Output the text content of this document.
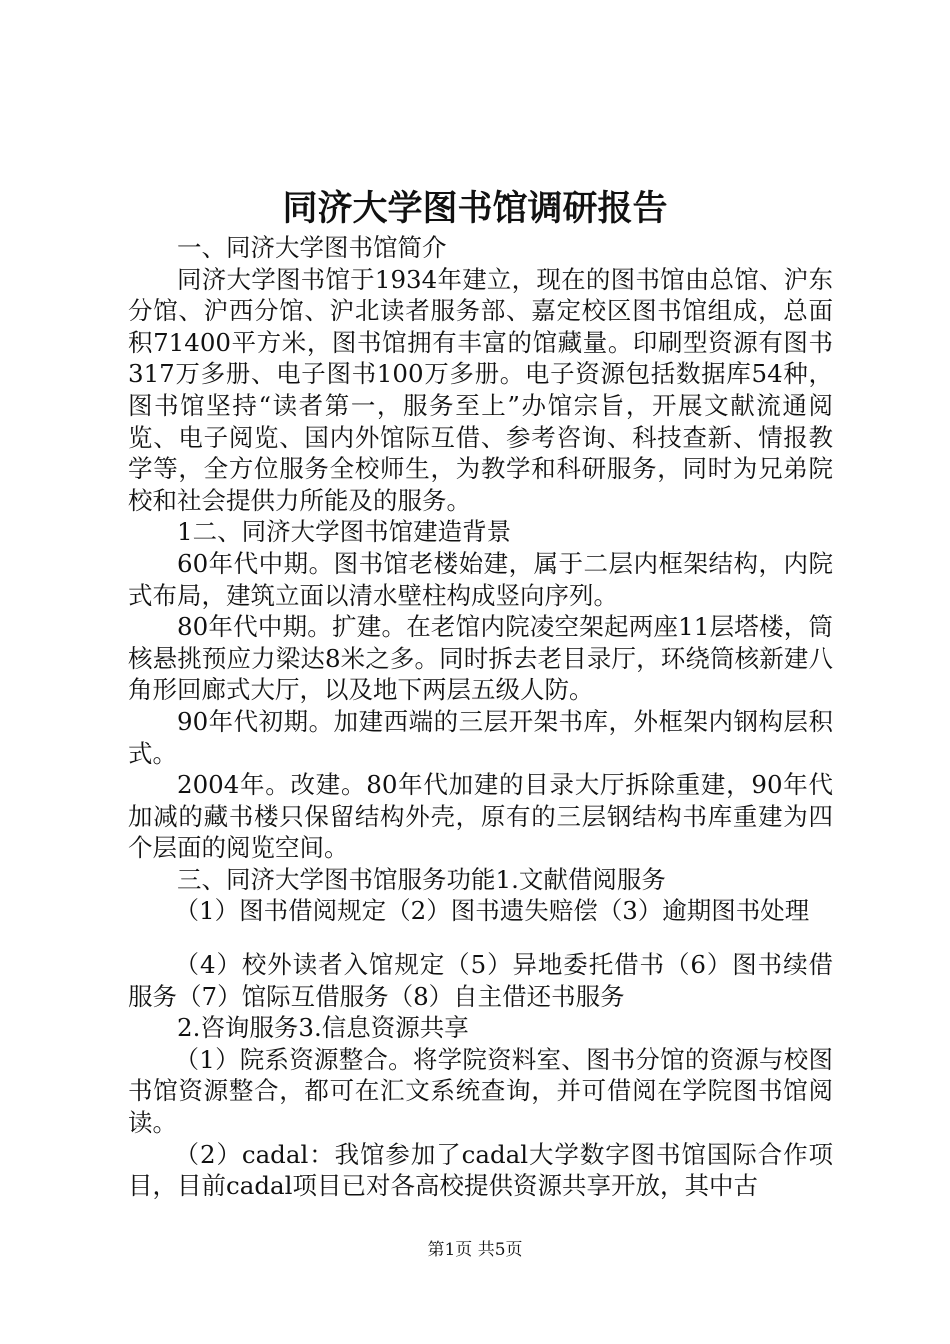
同济大学图书馆调研报告

一、同济大学图书馆简介

同济大学图书馆于1934年建立，现在的图书馆由总馆、沪东分馆、沪西分馆、沪北读者服务部、嘉定校区图书馆组成，总面积71400平方米，图书馆拥有丰富的馆藏量。印刷型资源有图书317万多册、电子图书100万多册。电子资源包括数据库54种，图书馆坚持“读者第一，服务至上”办馆宗旨，开展文献流通阅览、电子阅览、国内外馆际互借、参考咨询、科技查新、情报教学等，全方位服务全校师生，为教学和科研服务，同时为兄弟院校和社会提供力所能及的服务。

1二、同济大学图书馆建造背景

60年代中期。图书馆老楼始建，属于二层内框架结构，内院式布局，建筑立面以清水壁柱构成竖向序列。

80年代中期。扩建。在老馆内院凌空架起两座11层塔楼，筒核悬挑预应力梁达8米之多。同时拆去老目录厅，环绕筒核新建八角形回廊式大厅，以及地下两层五级人防。

90年代初期。加建西端的三层开架书库，外框架内钢构层积式。

2004年。改建。80年代加建的目录大厅拆除重建，90年代加减的藏书楼只保留结构外壳，原有的三层钢结构书库重建为四个层面的阅览空间。

三、同济大学图书馆服务功能1.文献借阅服务

（1）图书借阅规定（2）图书遗失赔偿（3）逾期图书处理

（4）校外读者入馆规定（5）异地委托借书（6）图书续借服务（7）馆际互借服务（8）自主借还书服务

2.咨询服务3.信息资源共享

（1）院系资源整合。将学院资料室、图书分馆的资源与校图书馆资源整合，都可在汇文系统查询，并可借阅在学院图书馆阅读。

（2）cadal：我馆参加了cadal大学数字图书馆国际合作项目，目前cadal项目已对各高校提供资源共享开放，其中古

第1页 共5页
